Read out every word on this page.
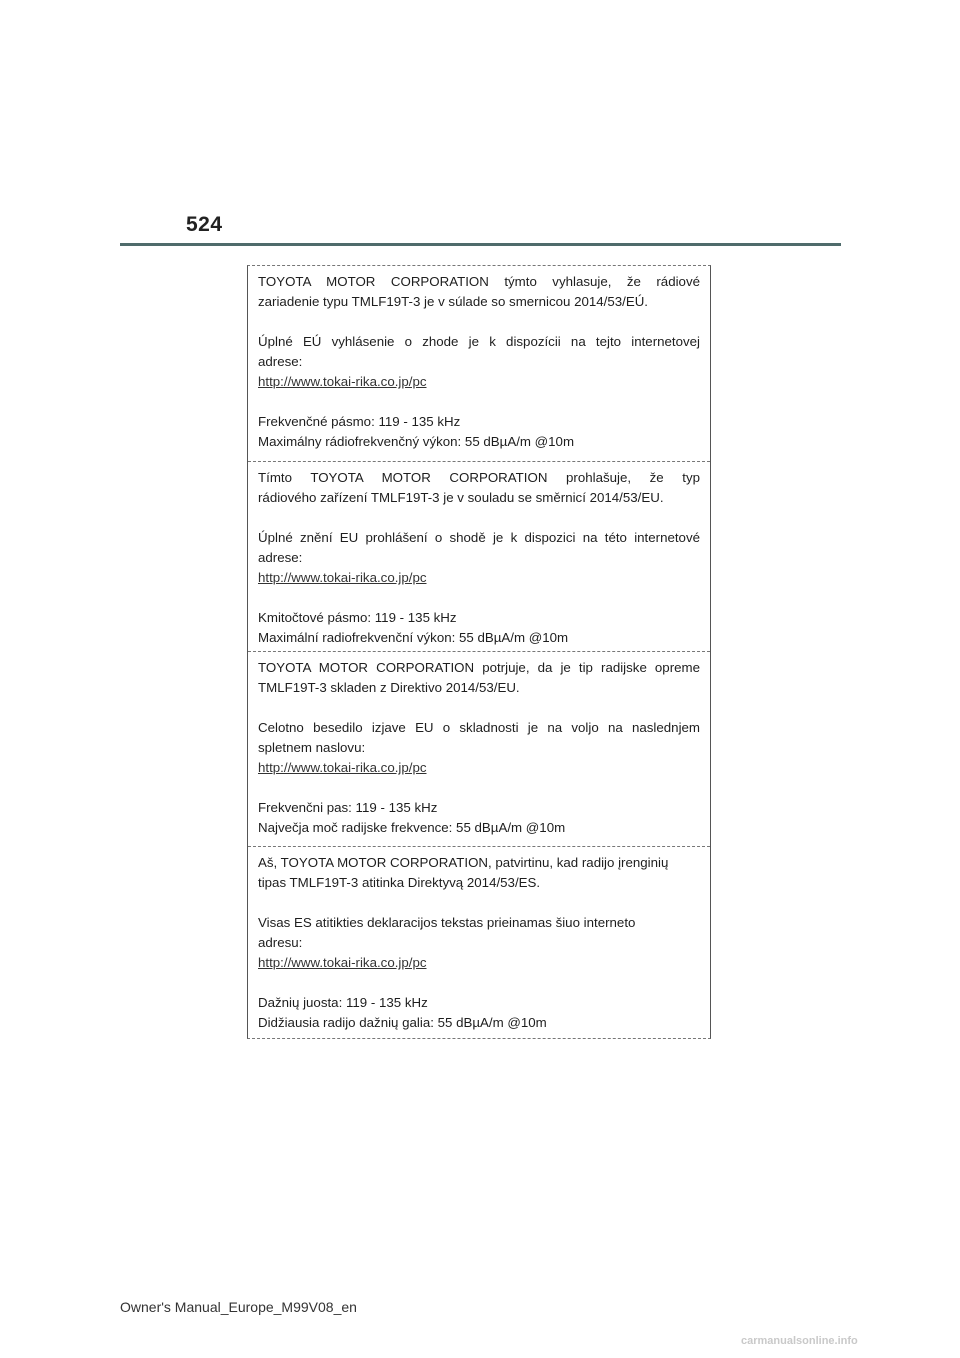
524

TOYOTA MOTOR CORPORATION týmto vyhlasuje, že rádiové

zariadenie typu TMLF19T-3 je v súlade so smernicou 2014/53/EÚ.

Úplné EÚ vyhlásenie o zhode je k dispozícii na tejto internetovej

adrese:

http://www.tokai-rika.co.jp/pc

Frekvenčné pásmo: 119 - 135 kHz

Maximálny rádiofrekvenčný výkon: 55 dBµA/m @10m

Tímto TOYOTA MOTOR CORPORATION prohlašuje, že typ

rádiového zařízení TMLF19T-3 je v souladu se směrnicí 2014/53/EU.

Úplné znění EU prohlášení o shodě je k dispozici na této internetové

adrese:

http://www.tokai-rika.co.jp/pc

Kmitočtové pásmo: 119 - 135 kHz

Maximální radiofrekvenční výkon: 55 dBµA/m @10m

TOYOTA MOTOR CORPORATION potrjuje, da je tip radijske opreme

TMLF19T-3 skladen z Direktivo 2014/53/EU.

Celotno besedilo izjave EU o skladnosti je na voljo na naslednjem

spletnem naslovu:

http://www.tokai-rika.co.jp/pc

Frekvenčni pas: 119 - 135 kHz

Največja moč radijske frekvence: 55 dBµA/m @10m

Aš, TOYOTA MOTOR CORPORATION, patvirtinu, kad radijo įrenginių

tipas TMLF19T-3 atitinka Direktyvą 2014/53/ES.

Visas ES atitikties deklaracijos tekstas prieinamas šiuo interneto

adresu:

http://www.tokai-rika.co.jp/pc

Dažnių juosta: 119 - 135 kHz

Didžiausia radijo dažnių galia: 55 dBµA/m @10m

Owner's Manual_Europe_M99V08_en
carmanualsonline.info
